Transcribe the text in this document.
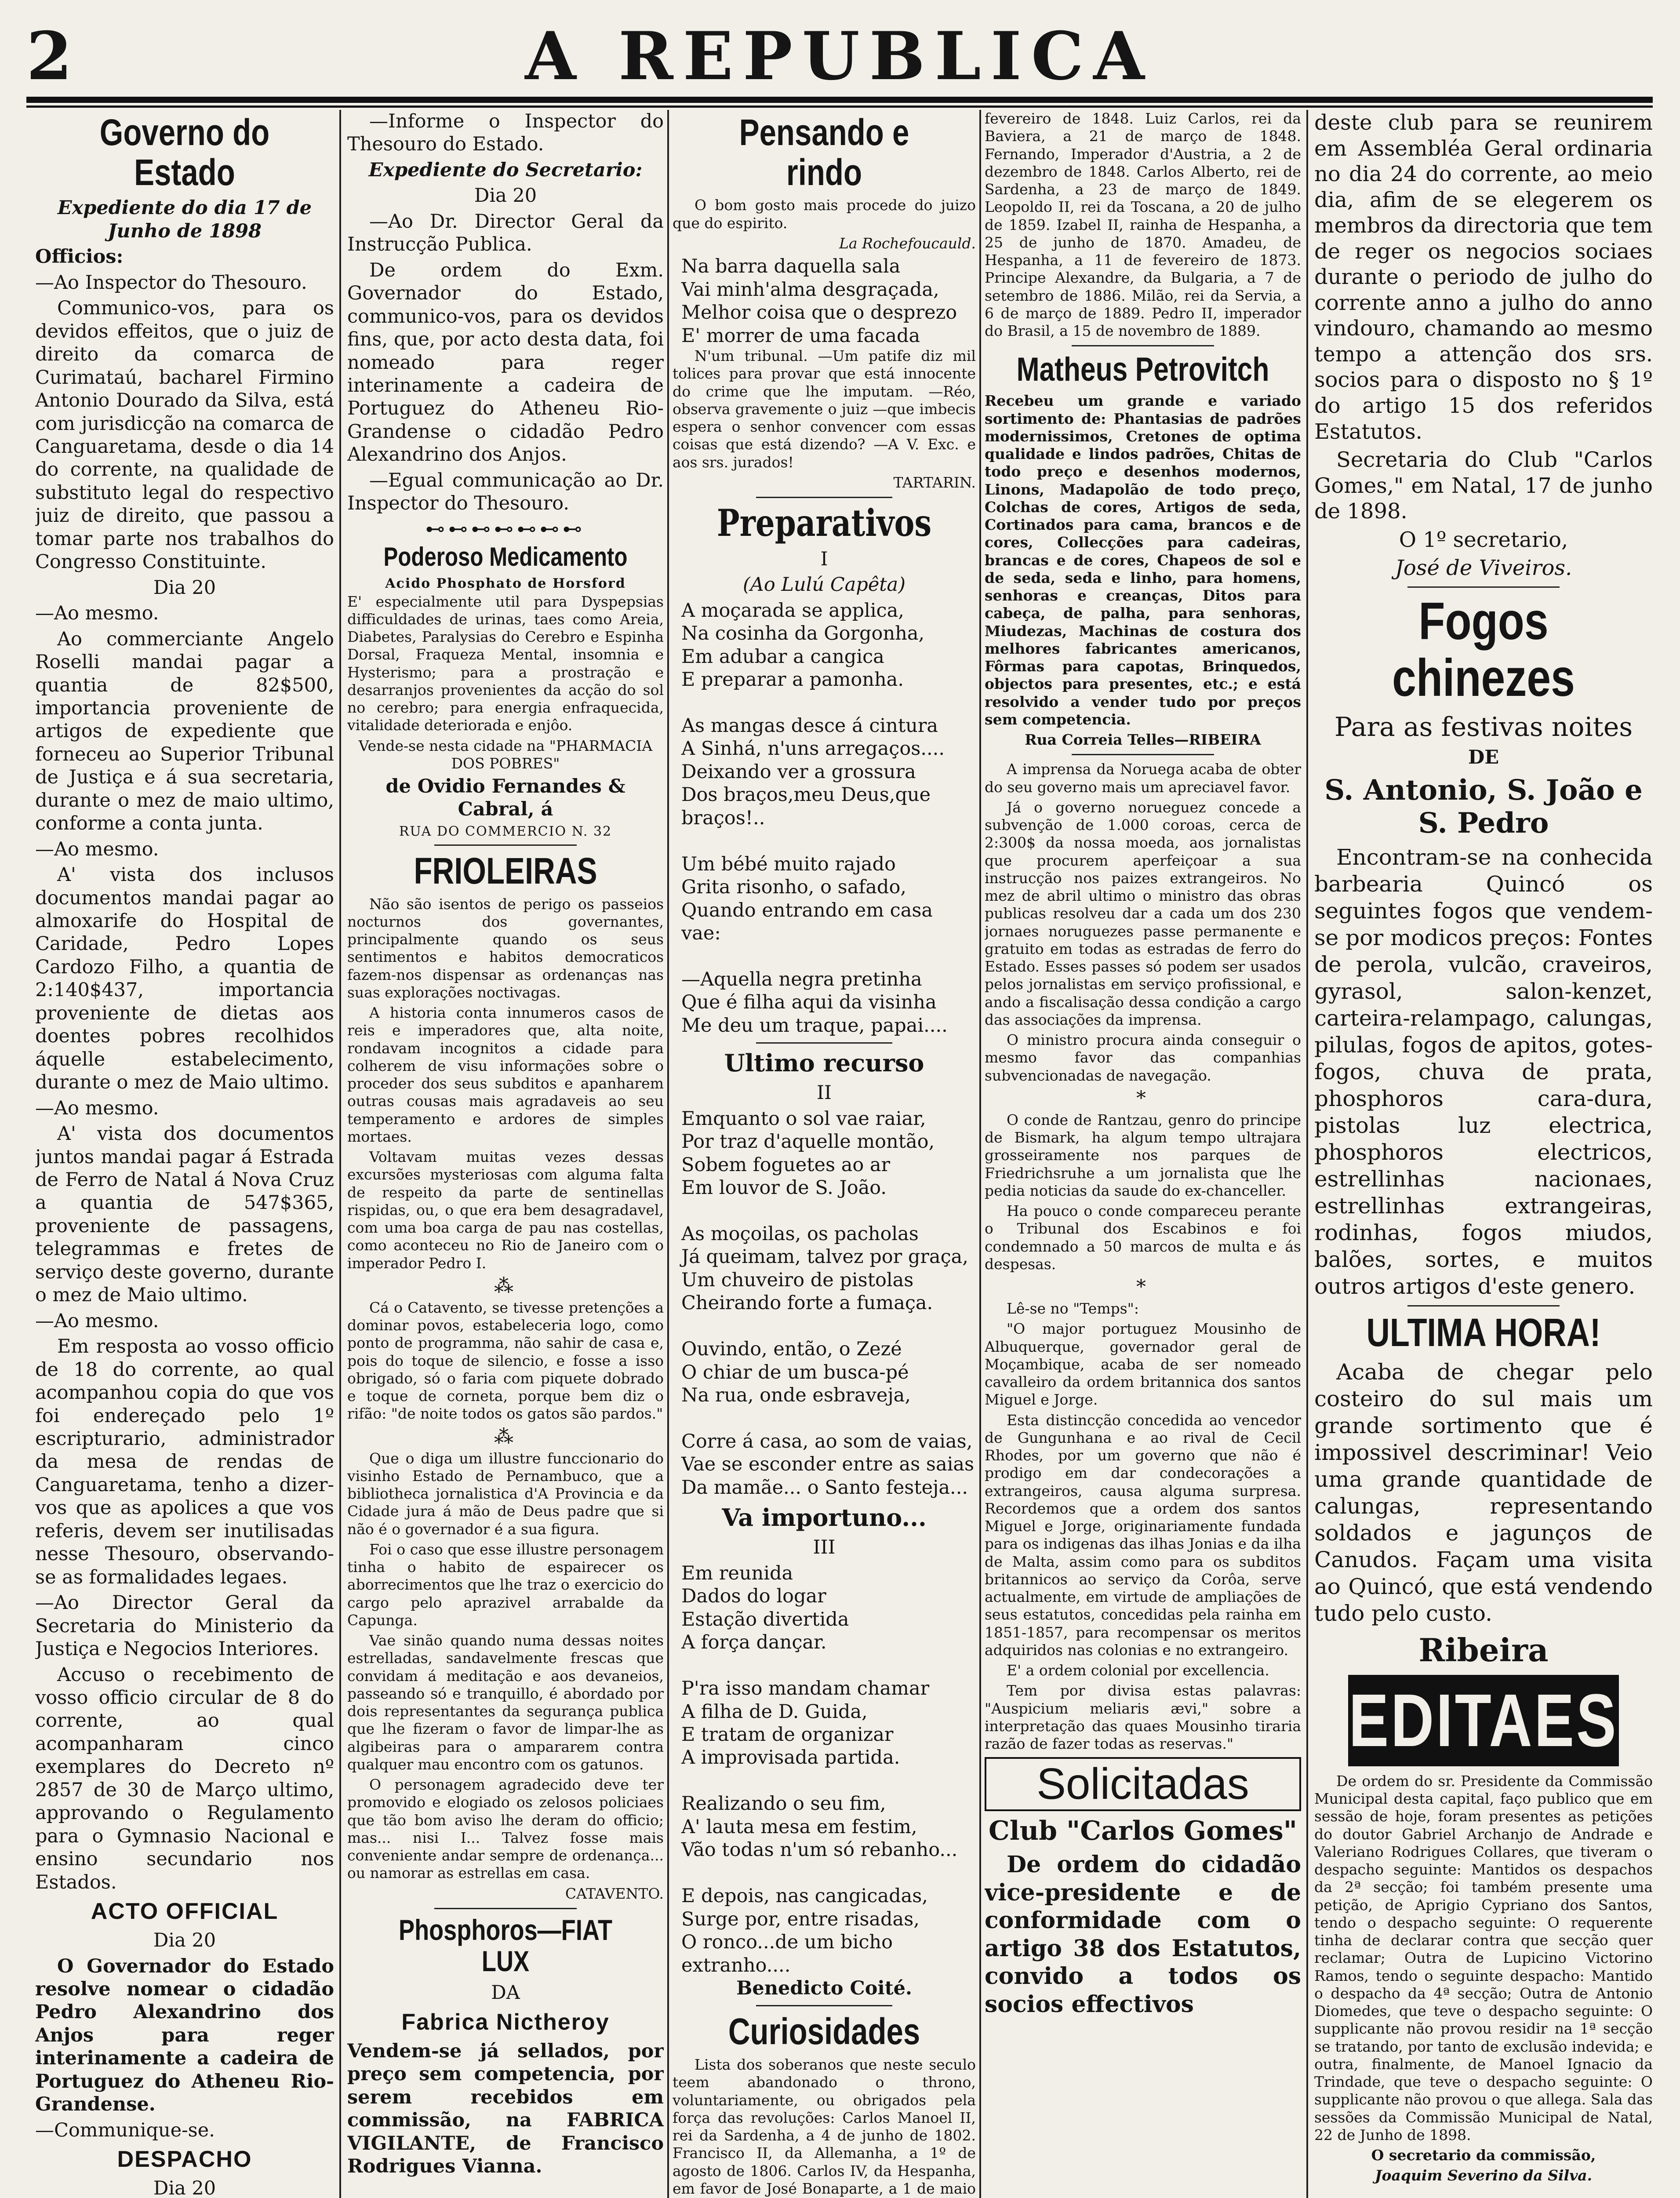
2	A REPUBLICA
Governo do Estado
Expediente do dia 17 de Junho de 1898
Officios:

—Ao Inspector do Thesouro.

Communico-vos, para os devidos effeitos, que o juiz de direito da comarca de Curimataú, bacharel Firmino Antonio Dourado da Silva, está com jurisdicção na comarca de Canguaretama, desde o dia 14 do corrente, na qualidade de substituto legal do respectivo juiz de direito, que passou a tomar parte nos trabalhos do Congresso Constituinte.

Dia 20

—Ao mesmo.

Ao commerciante Angelo Roselli mandai pagar a quantia de 82$500, importancia proveniente de artigos de expediente que forneceu ao Superior Tribunal de Justiça e á sua secretaria, durante o mez de maio ultimo, conforme a conta junta.

—Ao mesmo.

A' vista dos inclusos documentos mandai pagar ao almoxarife do Hospital de Caridade, Pedro Lopes Cardozo Filho, a quantia de 2:140$437, importancia proveniente de dietas aos doentes pobres recolhidos áquelle estabelecimento, durante o mez de Maio ultimo.

—Ao mesmo.

A' vista dos documentos juntos mandai pagar á Estrada de Ferro de Natal á Nova Cruz a quantia de 547$365, proveniente de passagens, telegrammas e fretes de serviço deste governo, durante o mez de Maio ultimo.

—Ao mesmo.

Em resposta ao vosso officio de 18 do corrente, ao qual acompanhou copia do que vos foi endereçado pelo 1º escripturario, administrador da mesa de rendas de Canguaretama, tenho a dizer-vos que as apolices a que vos referis, devem ser inutilisadas nesse Thesouro, observando-se as formalidades legaes.

—Ao Director Geral da Secretaria do Ministerio da Justiça e Negocios Interiores.

Accuso o recebimento de vosso officio circular de 8 do corrente, ao qual acompanharam cinco exemplares do Decreto nº 2857 de 30 de Março ultimo, approvando o Regulamento para o Gymnasio Nacional e ensino secundario nos Estados.

ACTO OFFICIAL
Dia 20

O Governador do Estado resolve nomear o cidadão Pedro Alexandrino dos Anjos para reger interinamente a cadeira de Portuguez do Atheneu Rio-Grandense.

—Communique-se.

DESPACHO
Dia 20

—Informe o Inspector do Thesouro do Estado.

Expediente do Secretario:

Dia 20

—Ao Dr. Director Geral da Instrucção Publica.

De ordem do Exm. Governador do Estado, communico-vos, para os devidos fins, que, por acto desta data, foi nomeado para reger interinamente a cadeira de Portuguez do Atheneu Rio-Grandense o cidadão Pedro Alexandrino dos Anjos.

—Egual communicação ao Dr. Inspector do Thesouro.

⊷⊷⊷⊷⊷⊷⊷
Poderoso Medicamento
Acido Phosphato de Horsford

E' especialmente util para Dyspepsias difficuldades de urinas, taes como Areia, Diabetes, Paralysias do Cerebro e Espinha Dorsal, Fraqueza Mental, insomnia e Hysterismo; para a prostração e desarranjos provenientes da acção do sol no cerebro; para energia enfraquecida, vitalidade deteriorada e enjôo.

Vende-se nesta cidade na "PHARMACIA DOS POBRES"

de Ovidio Fernandes & Cabral, á

RUA DO COMMERCIO N. 32
FRIOLEIRAS

Não são isentos de perigo os passeios nocturnos dos governantes, principalmente quando os seus sentimentos e habitos democraticos fazem-nos dispensar as ordenanças nas suas explorações noctivagas.

A historia conta innumeros casos de reis e imperadores que, alta noite, rondavam incognitos a cidade para colherem de visu informações sobre o proceder dos seus subditos e apanharem outras cousas mais agradaveis ao seu temperamento e ardores de simples mortaes.

Voltavam muitas vezes dessas excursões mysteriosas com alguma falta de respeito da parte de sentinellas rispidas, ou, o que era bem desagradavel, com uma boa carga de pau nas costellas, como aconteceu no Rio de Janeiro com o imperador Pedro I.

⁂

Cá o Catavento, se tivesse pretenções a dominar povos, estabeleceria logo, como ponto de programma, não sahir de casa e, pois do toque de silencio, e fosse a isso obrigado, só o faria com piquete dobrado e toque de corneta, porque bem diz o rifão: "de noite todos os gatos são pardos."

⁂

Que o diga um illustre funccionario do visinho Estado de Pernambuco, que a bibliotheca jornalistica d'A Provincia e da Cidade jura á mão de Deus padre que si não é o governador é a sua figura.

Foi o caso que esse illustre personagem tinha o habito de espairecer os aborrecimentos que lhe traz o exercicio do cargo pelo aprazivel arrabalde da Capunga.

Vae sinão quando numa dessas noites estrelladas, sandavelmente frescas que convidam á meditação e aos devaneios, passeando só e tranquillo, é abordado por dois representantes da segurança publica que lhe fizeram o favor de limpar-lhe as algibeiras para o ampararem contra qualquer mau encontro com os gatunos.

O personagem agradecido deve ter promovido e elogiado os zelosos policiaes que tão bom aviso lhe deram do officio; mas... nisi I... Talvez fosse mais conveniente andar sempre de ordenança... ou namorar as estrellas em casa.

CATAVENTO.

Phosphoros—FIAT LUX
DA
Fabrica Nictheroy

Vendem-se já sellados, por preço sem competencia, por serem recebidos em commissão, na FABRICA VIGILANTE, de Francisco Rodrigues Vianna.

Pensando e rindo

O bom gosto mais procede do juizo que do espirito.

La Rochefoucauld.

Na barra daquella sala

Vai minh'alma desgraçada,

Melhor coisa que o desprezo

E' morrer de uma facada

N'um tribunal. —Um patife diz mil tolices para provar que está innocente do crime que lhe imputam. —Réo, observa gravemente o juiz —que imbecis espera o senhor convencer com essas coisas que está dizendo? —A V. Exc. e aos srs. jurados!

TARTARIN.

Preparativos
I
(Ao Lulú Capêta)

A moçarada se applica,

Na cosinha da Gorgonha,

Em adubar a cangica

E preparar a pamonha.

As mangas desce á cintura

A Sinhá, n'uns arregaços....

Deixando ver a grossura

Dos braços,meu Deus,que braços!..

Um bébé muito rajado

Grita risonho, o safado,

Quando entrando em casa vae:

—Aquella negra pretinha

Que é filha aqui da visinha

Me deu um traque, papai....

Ultimo recurso
II

Emquanto o sol vae raiar,

Por traz d'aquelle montão,

Sobem foguetes ao ar

Em louvor de S. João.

As moçoilas, os pacholas

Já queimam, talvez por graça,

Um chuveiro de pistolas

Cheirando forte a fumaça.

Ouvindo, então, o Zezé

O chiar de um busca-pé

Na rua, onde esbraveja,

Corre á casa, ao som de vaias,

Vae se esconder entre as saias

Da mamãe... o Santo festeja...

Va importuno...
III

Em reunida

Dados do logar

Estação divertida

A força dançar.

P'ra isso mandam chamar

A filha de D. Guida,

E tratam de organizar

A improvisada partida.

Realizando o seu fim,

A' lauta mesa em festim,

Vão todas n'um só rebanho...

E depois, nas cangicadas,

Surge por, entre risadas,

O ronco...de um bicho extranho....

Benedicto Coité.

Curiosidades

Lista dos soberanos que neste seculo teem abandonado o throno, voluntariamente, ou obrigados pela força das revoluções: Carlos Manoel II, rei da Sardenha, a 4 de junho de 1802. Francisco II, da Allemanha, a 1º de agosto de 1806. Carlos IV, da Hespanha, em favor de José Bonaparte, a 1 de maio

fevereiro de 1848. Luiz Carlos, rei da Baviera, a 21 de março de 1848. Fernando, Imperador d'Austria, a 2 de dezembro de 1848. Carlos Alberto, rei de Sardenha, a 23 de março de 1849. Leopoldo II, rei da Toscana, a 20 de julho de 1859. Izabel II, rainha de Hespanha, a 25 de junho de 1870. Amadeu, de Hespanha, a 11 de fevereiro de 1873. Principe Alexandre, da Bulgaria, a 7 de setembro de 1886. Milão, rei da Servia, a 6 de março de 1889. Pedro II, imperador do Brasil, a 15 de novembro de 1889.

Matheus Petrovitch

Recebeu um grande e variado sortimento de: Phantasias de padrões modernissimos, Cretones de optima qualidade e lindos padrões, Chitas de todo preço e desenhos modernos, Linons, Madapolão de todo preço, Colchas de cores, Artigos de seda, Cortinados para cama, brancos e de cores, Collecções para cadeiras, brancas e de cores, Chapeos de sol e de seda, seda e linho, para homens, senhoras e creanças, Ditos para cabeça, de palha, para senhoras, Miudezas, Machinas de costura dos melhores fabricantes americanos, Fôrmas para capotas, Brinquedos, objectos para presentes, etc.; e está resolvido a vender tudo por preços sem competencia.

Rua Correia Telles—RIBEIRA

A imprensa da Noruega acaba de obter do seu governo mais um apreciavel favor.

Já o governo norueguez concede a subvenção de 1.000 coroas, cerca de 2:300$ da nossa moeda, aos jornalistas que procurem aperfeiçoar a sua instrucção nos paizes extrangeiros. No mez de abril ultimo o ministro das obras publicas resolveu dar a cada um dos 230 jornaes noruguezes passe permanente e gratuito em todas as estradas de ferro do Estado. Esses passes só podem ser usados pelos jornalistas em serviço profissional, e ando a fiscalisação dessa condição a cargo das associações da imprensa.

O ministro procura ainda conseguir o mesmo favor das companhias subvencionadas de navegação.

*

O conde de Rantzau, genro do principe de Bismark, ha algum tempo ultrajara grosseiramente nos parques de Friedrichsruhe a um jornalista que lhe pedia noticias da saude do ex-chanceller.

Ha pouco o conde compareceu perante o Tribunal dos Escabinos e foi condemnado a 50 marcos de multa e ás despesas.

*

Lê-se no "Temps":

"O major portuguez Mousinho de Albuquerque, governador geral de Moçambique, acaba de ser nomeado cavalleiro da ordem britannica dos santos Miguel e Jorge.

Esta distincção concedida ao vencedor de Gungunhana e ao rival de Cecil Rhodes, por um governo que não é prodigo em dar condecorações a extrangeiros, causa alguma surpresa. Recordemos que a ordem dos santos Miguel e Jorge, originariamente fundada para os indigenas das ilhas Jonias e da ilha de Malta, assim como para os subditos britannicos ao serviço da Corôa, serve actualmente, em virtude de ampliações de seus estatutos, concedidas pela rainha em 1851-1857, para recompensar os meritos adquiridos nas colonias e no extrangeiro.

E' a ordem colonial por excellencia.

Tem por divisa estas palavras: "Auspicium meliaris ævi," sobre a interpretação das quaes Mousinho tiraria razão de fazer todas as reservas."

Solicitadas
Club "Carlos Gomes"

De ordem do cidadão vice-presidente e de conformidade com o artigo 38 dos Estatutos, convido a todos os socios effectivos

deste club para se reunirem em Assembléa Geral ordinaria no dia 24 do corrente, ao meio dia, afim de se elegerem os membros da directoria que tem de reger os negocios sociaes durante o periodo de julho do corrente anno a julho do anno vindouro, chamando ao mesmo tempo a attenção dos srs. socios para o disposto no § 1º do artigo 15 dos referidos Estatutos.

Secretaria do Club "Carlos Gomes," em Natal, 17 de junho de 1898.

O 1º secretario,

José de Viveiros.

Fogos chinezes
Para as festivas noites
DE
S. Antonio, S. João e S. Pedro

Encontram-se na conhecida barbearia Quincó os seguintes fogos que vendem-se por modicos preços: Fontes de perola, vulcão, craveiros, gyrasol, salon-kenzet, carteira-relampago, calungas, pilulas, fogos de apitos, gotes-fogos, chuva de prata, phosphoros cara-dura, pistolas luz electrica, phosphoros electricos, estrellinhas nacionaes, estrellinhas extrangeiras, rodinhas, fogos miudos, balões, sortes, e muitos outros artigos d'este genero.

ULTIMA HORA!

Acaba de chegar pelo costeiro do sul mais um grande sortimento que é impossivel descriminar! Veio uma grande quantidade de calungas, representando soldados e jagunços de Canudos. Façam uma visita ao Quincó, que está vendendo tudo pelo custo.

Ribeira
EDITAES

De ordem do sr. Presidente da Commissão Municipal desta capital, faço publico que em sessão de hoje, foram presentes as petições do doutor Gabriel Archanjo de Andrade e Valeriano Rodrigues Collares, que tiveram o despacho seguinte: Mantidos os despachos da 2ª secção; foi também presente uma petição, de Aprigio Cypriano dos Santos, tendo o despacho seguinte: O requerente tinha de declarar contra que secção quer reclamar; Outra de Lupicino Victorino Ramos, tendo o seguinte despacho: Mantido o despacho da 4ª secção; Outra de Antonio Diomedes, que teve o despacho seguinte: O supplicante não provou residir na 1ª secção se tratando, por tanto de exclusão indevida; e outra, finalmente, de Manoel Ignacio da Trindade, que teve o despacho seguinte: O supplicante não provou o que allega. Sala das sessões da Commissão Municipal de Natal, 22 de Junho de 1898.

O secretario da commissão,

Joaquim Severino da Silva.
